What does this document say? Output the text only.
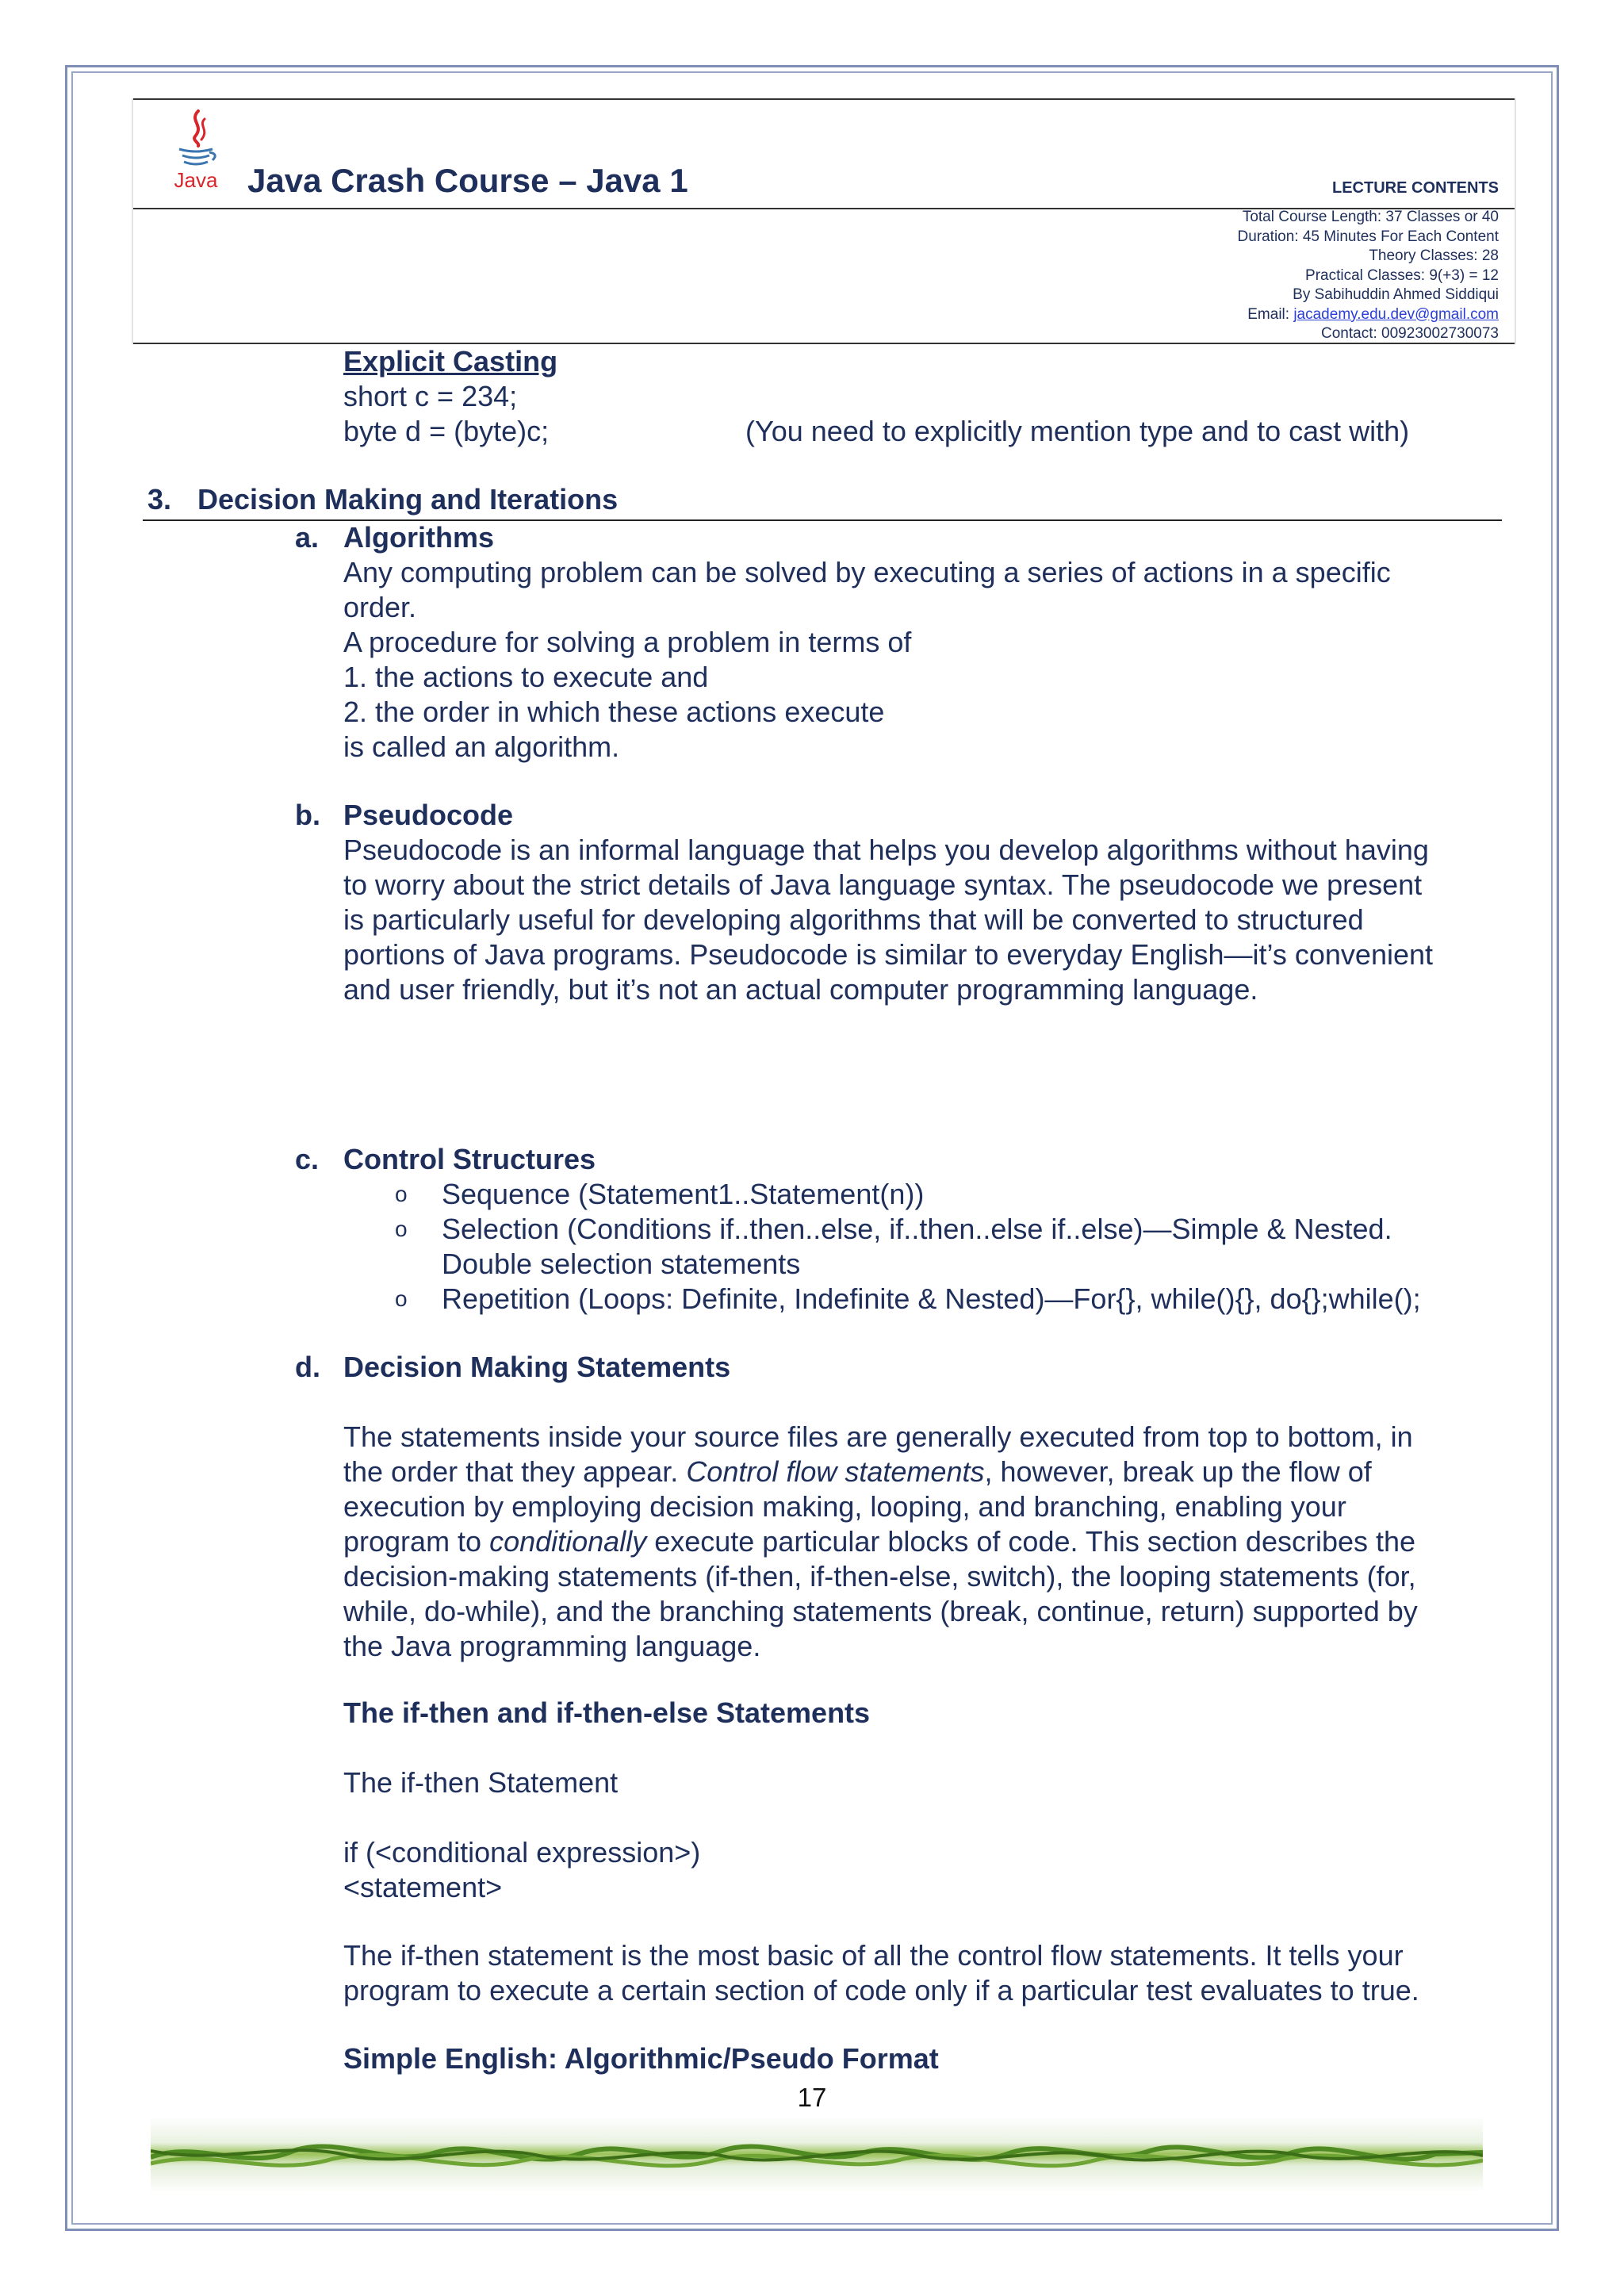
Java Java Crash Course – Java 1	LECTURE CONTENTS
Total Course Length: 37 Classes or 40
Duration: 45 Minutes For Each Content
Theory Classes: 28
Practical Classes: 9(+3) = 12
By Sabihuddin Ahmed Siddiqui
Email: jacademy.edu.dev@gmail.com
Contact: 00923002730073
Explicit Casting
short c = 234;
byte d = (byte)c;	(You need to explicitly mention type and to cast with)
3. Decision Making and Iterations
a. Algorithms
Any computing problem can be solved by executing a series of actions in a specific
order.
A procedure for solving a problem in terms of
1. the actions to execute and
2. the order in which these actions execute
is called an algorithm.
b. Pseudocode
Pseudocode is an informal language that helps you develop algorithms without having
to worry about the strict details of Java language syntax. The pseudocode we present
is particularly useful for developing algorithms that will be converted to structured
portions of Java programs. Pseudocode is similar to everyday English—it’s convenient
and user friendly, but it’s not an actual computer programming language.
c. Control Structures
o Sequence (Statement1..Statement(n))
o Selection (Conditions if..then..else, if..then..else if..else)—Simple & Nested.
Double selection statements
o Repetition (Loops: Definite, Indefinite & Nested)—For{}, while(){}, do{};while();
d. Decision Making Statements
The statements inside your source files are generally executed from top to bottom, in
the order that they appear. Control flow statements, however, break up the flow of
execution by employing decision making, looping, and branching, enabling your
program to conditionally execute particular blocks of code. This section describes the
decision-making statements (if-then, if-then-else, switch), the looping statements (for,
while, do-while), and the branching statements (break, continue, return) supported by
the Java programming language.
The if-then and if-then-else Statements
The if-then Statement
if (<conditional expression>)
<statement>
The if-then statement is the most basic of all the control flow statements. It tells your
program to execute a certain section of code only if a particular test evaluates to true.
Simple English: Algorithmic/Pseudo Format
17
